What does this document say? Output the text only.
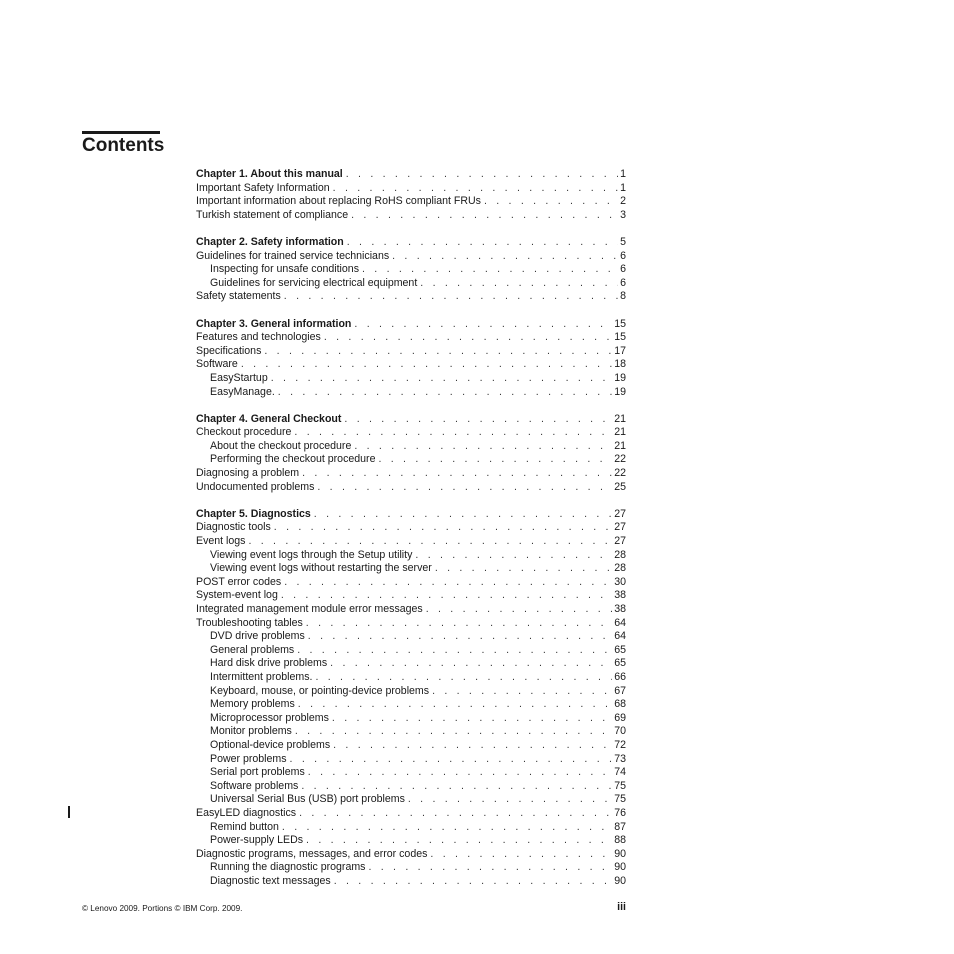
Contents
Chapter 1. About this manual . . .	1
Important Safety Information . . .	1
Important information about replacing RoHS compliant FRUs . . .	2
Turkish statement of compliance . . .	3
Chapter 2. Safety information . . .	5
Guidelines for trained service technicians . . .	6
Inspecting for unsafe conditions . . .	6
Guidelines for servicing electrical equipment . . .	6
Safety statements . . .	8
Chapter 3. General information . . .	15
Features and technologies . . .	15
Specifications . . .	17
Software . . .	18
EasyStartup . . .	19
EasyManage. . . .	19
Chapter 4. General Checkout . . .	21
Checkout procedure . . .	21
About the checkout procedure . . .	21
Performing the checkout procedure . . .	22
Diagnosing a problem . . .	22
Undocumented problems . . .	25
Chapter 5. Diagnostics . . .	27
Diagnostic tools . . .	27
Event logs . . .	27
Viewing event logs through the Setup utility . . .	28
Viewing event logs without restarting the server . . .	28
POST error codes . . .	30
System-event log . . .	38
Integrated management module error messages . . .	38
Troubleshooting tables . . .	64
DVD drive problems . . .	64
General problems . . .	65
Hard disk drive problems . . .	65
Intermittent problems. . . .	66
Keyboard, mouse, or pointing-device problems . . .	67
Memory problems . . .	68
Microprocessor problems . . .	69
Monitor problems . . .	70
Optional-device problems . . .	72
Power problems . . .	73
Serial port problems . . .	74
Software problems . . .	75
Universal Serial Bus (USB) port problems . . .	75
EasyLED diagnostics . . .	76
Remind button . . .	87
Power-supply LEDs . . .	88
Diagnostic programs, messages, and error codes . . .	90
Running the diagnostic programs . . .	90
Diagnostic text messages . . .	90
© Lenovo 2009. Portions © IBM Corp. 2009.	iii
